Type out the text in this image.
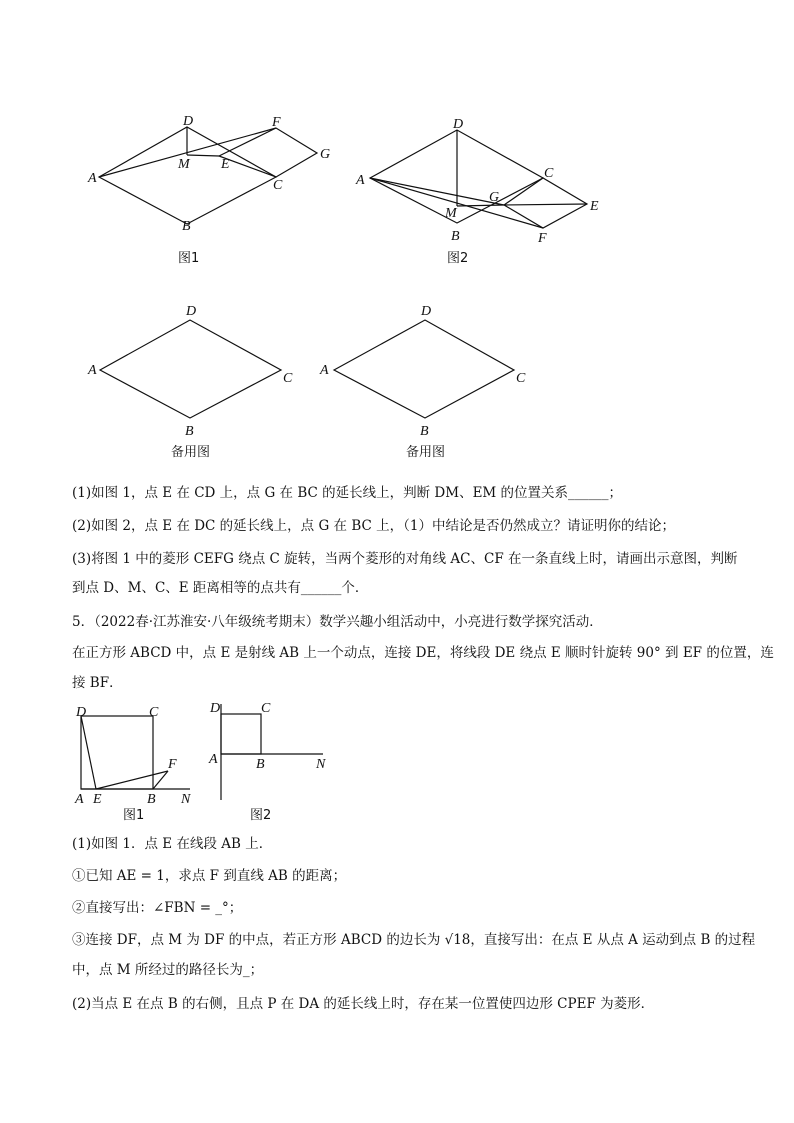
A
B
C
D
E
F
G
M
图1
A
B
C
D
E
F
G
M
图2
A
B
C
D
备用图
A
B
C
D
备用图
A	B
C
D
E
F
N
图1
A	B
C
D
N
图2
(1)如图 1，点 E 在 CD 上，点 G 在 BC 的延长线上，判断 DM、EM 的位置关系______；
(2)如图 2，点 E 在 DC 的延长线上，点 G 在 BC 上，（1）中结论是否仍然成立？请证明你的结论；
(3)将图 1 中的菱形 CEFG 绕点 C 旋转，当两个菱形的对角线 AC、CF 在一条直线上时，请画出示意图，判断
到点 D、M、C、E 距离相等的点共有______个．
5．（2022春·江苏淮安·八年级统考期末）数学兴趣小组活动中，小亮进行数学探究活动．
在正方形 ABCD 中，点 E 是射线 AB 上一个动点，连接 DE，将线段 DE 绕点 E 顺时针旋转 90° 到 EF 的位置，连
接 BF．
(1)如图 1．点 E 在线段 AB 上．
①已知 AE = 1，求点 F 到直线 AB 的距离；
②直接写出：∠FBN = _°；
③连接 DF，点 M 为 DF 的中点，若正方形 ABCD 的边长为 √18，直接写出：在点 E 从点 A 运动到点 B 的过程
中，点 M 所经过的路径长为_；
(2)当点 E 在点 B 的右侧，且点 P 在 DA 的延长线上时，存在某一位置使四边形 CPEF 为菱形．
